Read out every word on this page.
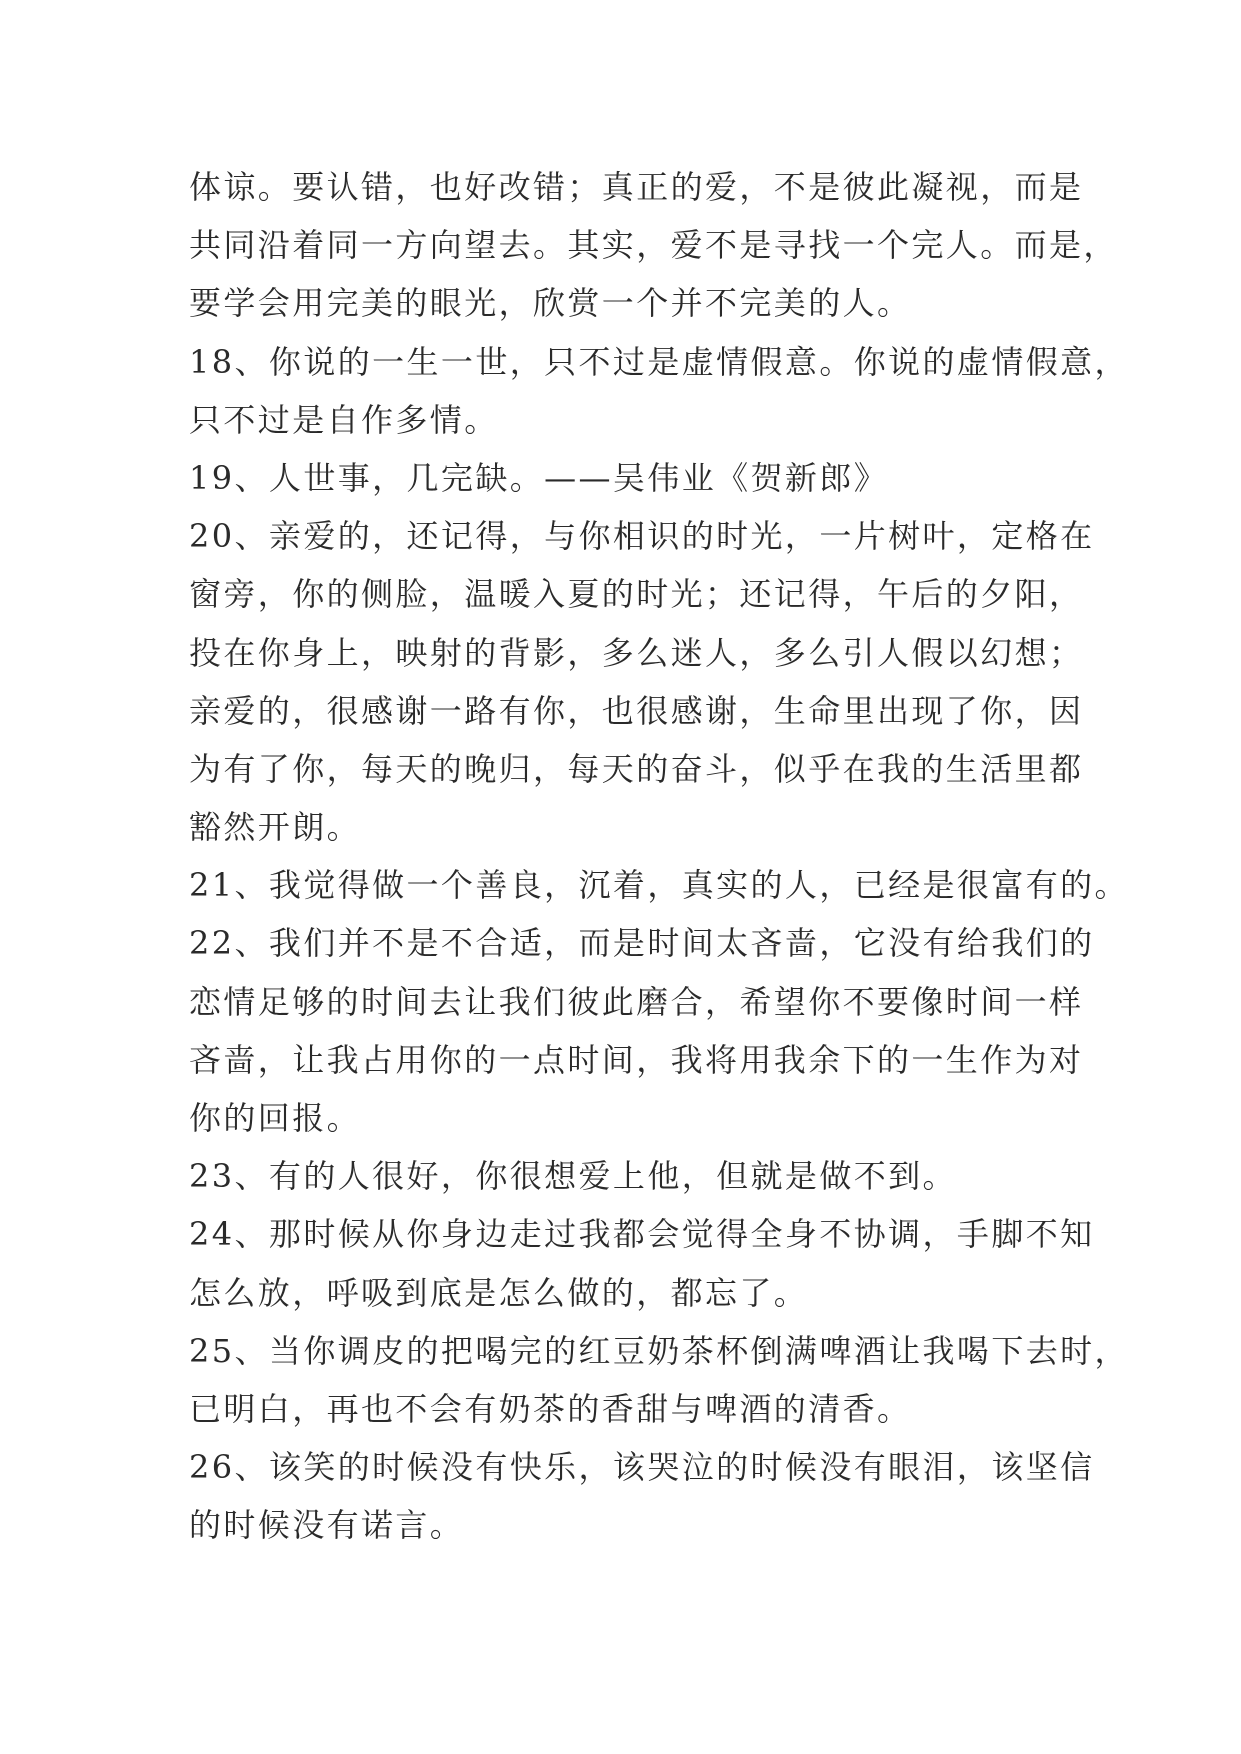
体谅。要认错，也好改错；真正的爱，不是彼此凝视，而是
共同沿着同一方向望去。其实，爱不是寻找一个完人。而是，
要学会用完美的眼光，欣赏一个并不完美的人。
18、你说的一生一世，只不过是虚情假意。你说的虚情假意，
只不过是自作多情。
19、人世事，几完缺。——吴伟业《贺新郎》
20、亲爱的，还记得，与你相识的时光，一片树叶，定格在
窗旁，你的侧脸，温暖入夏的时光；还记得，午后的夕阳，
投在你身上，映射的背影，多么迷人，多么引人假以幻想；
亲爱的，很感谢一路有你，也很感谢，生命里出现了你，因
为有了你，每天的晚归，每天的奋斗，似乎在我的生活里都
豁然开朗。
21、我觉得做一个善良，沉着，真实的人，已经是很富有的。
22、我们并不是不合适，而是时间太吝啬，它没有给我们的
恋情足够的时间去让我们彼此磨合，希望你不要像时间一样
吝啬，让我占用你的一点时间，我将用我余下的一生作为对
你的回报。
23、有的人很好，你很想爱上他，但就是做不到。
24、那时候从你身边走过我都会觉得全身不协调，手脚不知
怎么放，呼吸到底是怎么做的，都忘了。
25、当你调皮的把喝完的红豆奶茶杯倒满啤酒让我喝下去时，
已明白，再也不会有奶茶的香甜与啤酒的清香。
26、该笑的时候没有快乐，该哭泣的时候没有眼泪，该坚信
的时候没有诺言。
